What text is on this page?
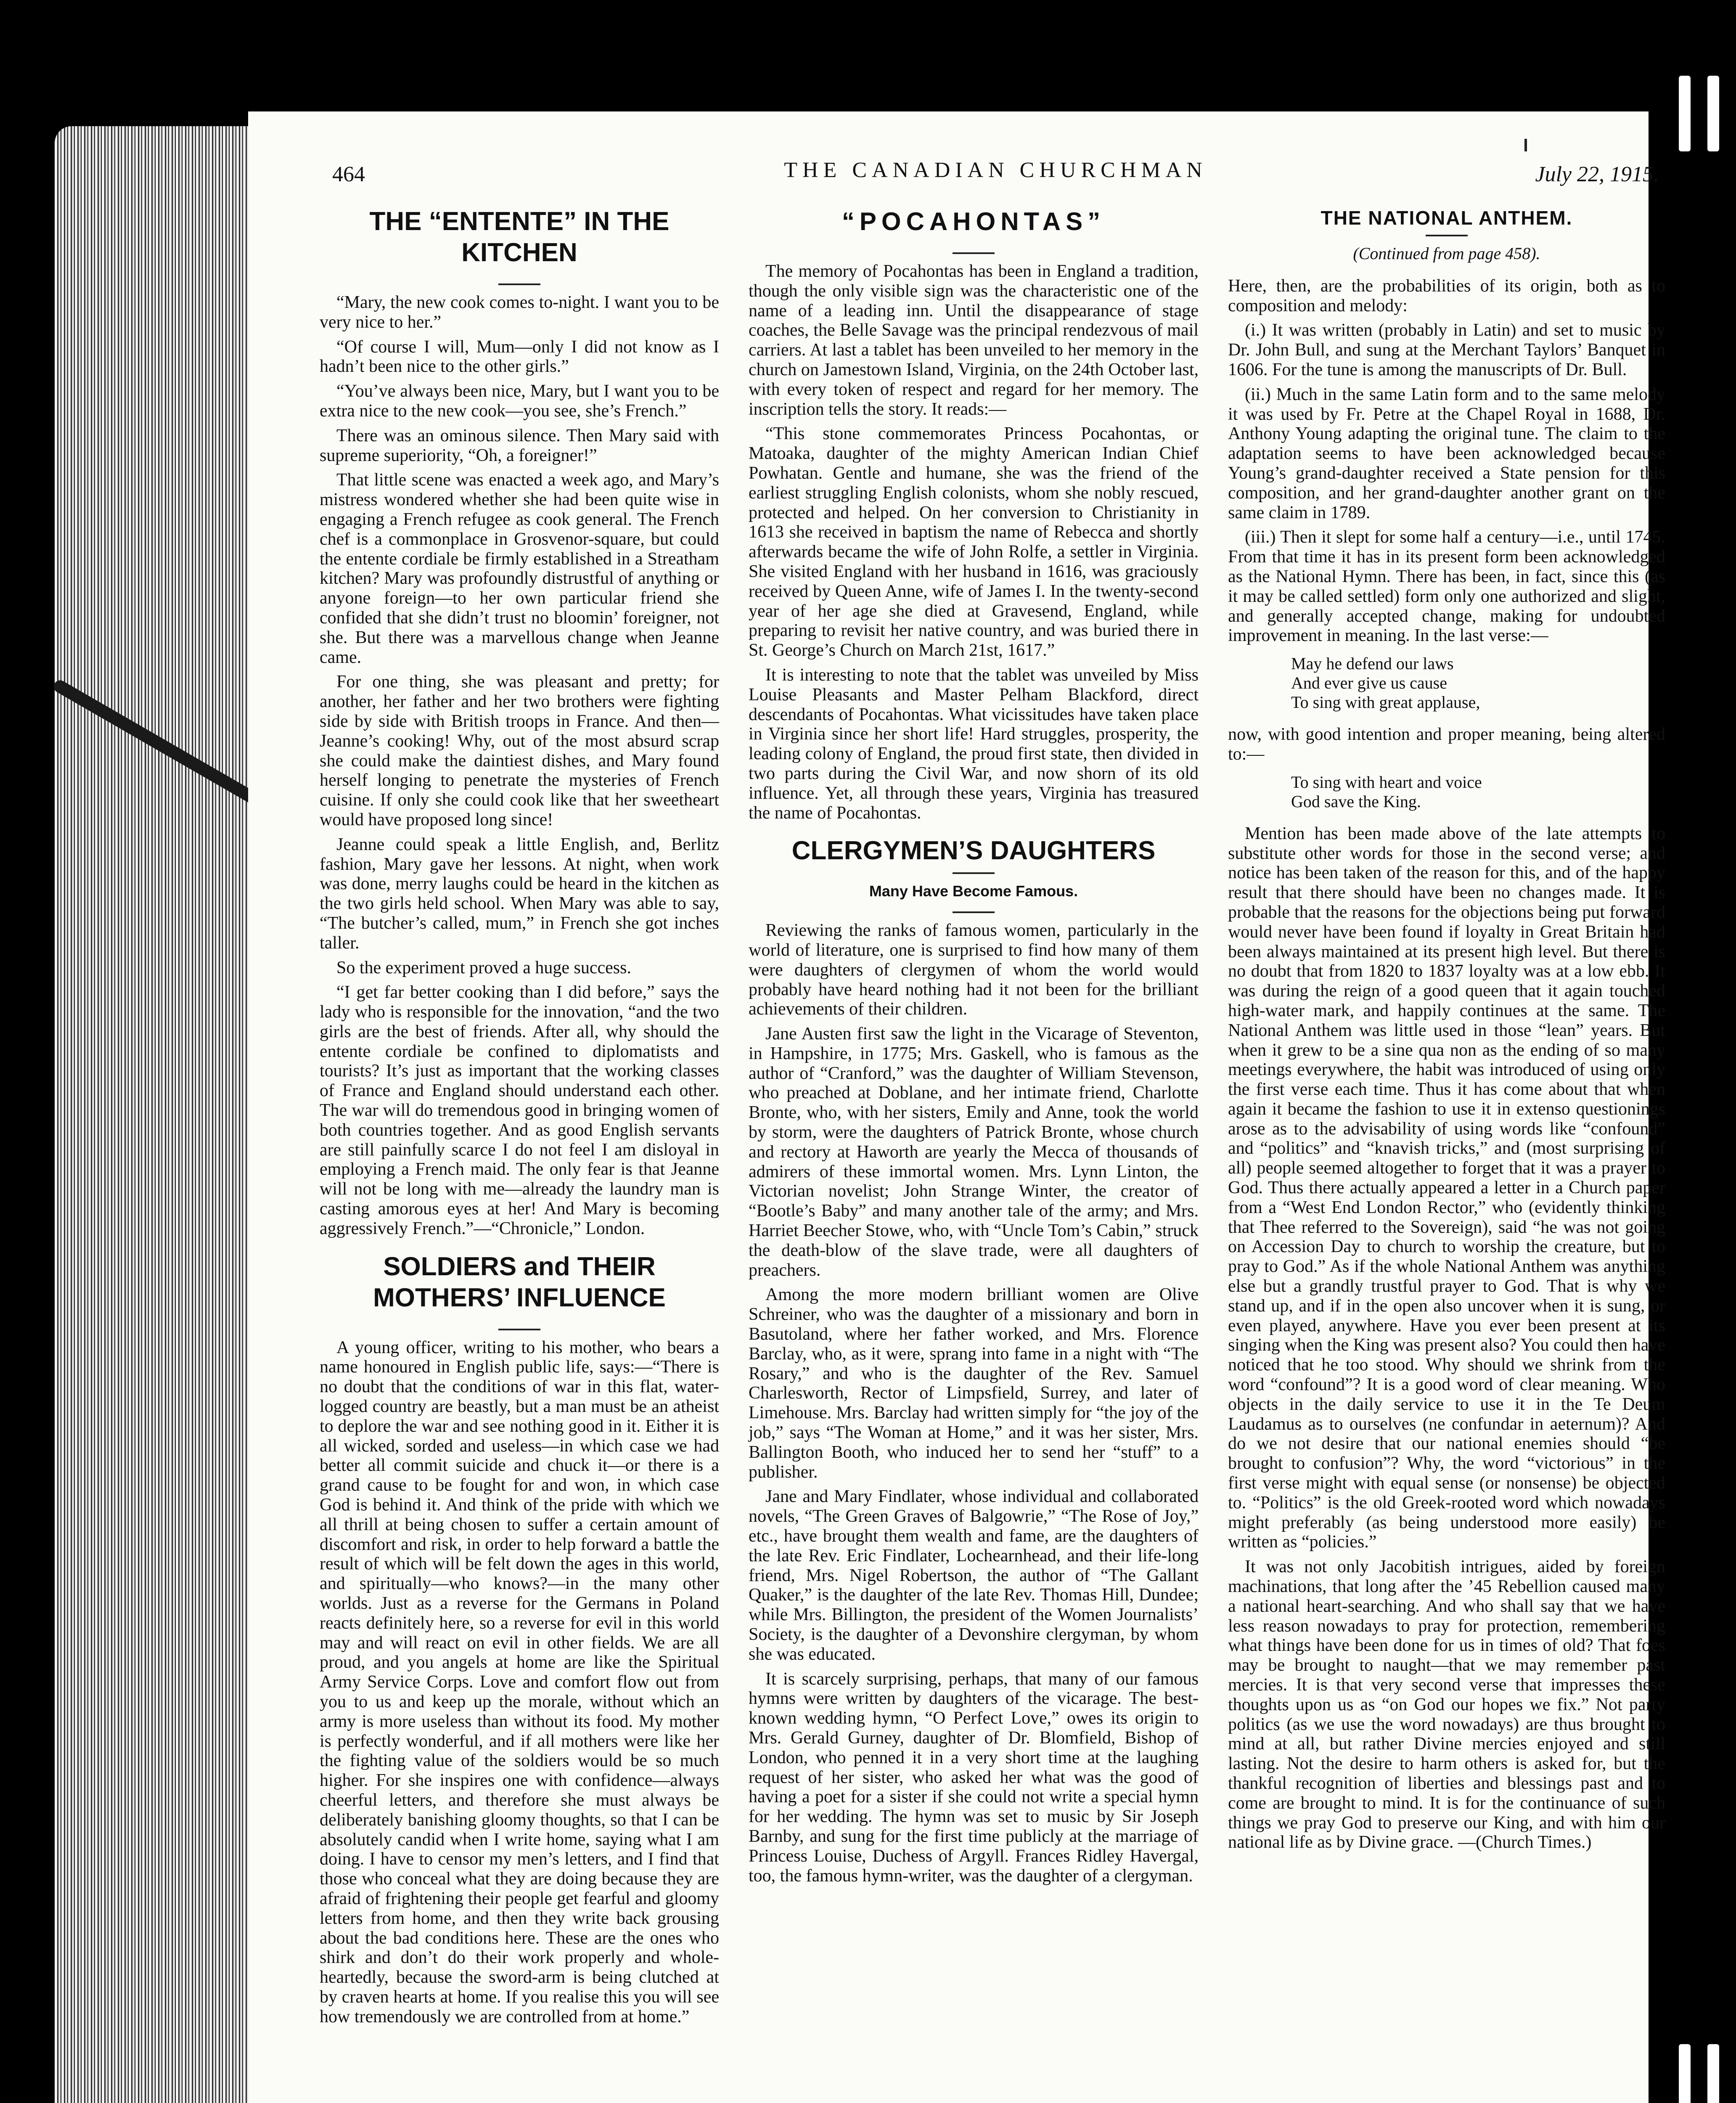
464	THE CANADIAN CHURCHMAN	July 22, 1915.
THE “ENTENTE” IN THE KITCHEN

“Mary, the new cook comes to-night. I want you to be very nice to her.”

“Of course I will, Mum—only I did not know as I hadn’t been nice to the other girls.”

“You’ve always been nice, Mary, but I want you to be extra nice to the new cook—you see, she’s French.”

There was an ominous silence. Then Mary said with supreme superiority, “Oh, a foreigner!”

That little scene was enacted a week ago, and Mary’s mistress wondered whether she had been quite wise in engaging a French refugee as cook general. The French chef is a commonplace in Grosvenor-square, but could the entente cordiale be firmly established in a Streatham kitchen? Mary was profoundly distrustful of anything or anyone foreign—to her own particular friend she confided that she didn’t trust no bloomin’ foreigner, not she. But there was a marvellous change when Jeanne came.

For one thing, she was pleasant and pretty; for another, her father and her two brothers were fighting side by side with British troops in France. And then—Jeanne’s cooking! Why, out of the most absurd scrap she could make the daintiest dishes, and Mary found herself longing to penetrate the mysteries of French cuisine. If only she could cook like that her sweetheart would have proposed long since!

Jeanne could speak a little English, and, Berlitz fashion, Mary gave her lessons. At night, when work was done, merry laughs could be heard in the kitchen as the two girls held school. When Mary was able to say, “The butcher’s called, mum,” in French she got inches taller.

So the experiment proved a huge success.

“I get far better cooking than I did before,” says the lady who is responsible for the innovation, “and the two girls are the best of friends. After all, why should the entente cordiale be confined to diplomatists and tourists? It’s just as important that the working classes of France and England should understand each other. The war will do tremendous good in bringing women of both countries together. And as good English servants are still painfully scarce I do not feel I am disloyal in employing a French maid. The only fear is that Jeanne will not be long with me—already the laundry man is casting amorous eyes at her! And Mary is becoming aggressively French.”—“Chronicle,” London.

SOLDIERS and THEIR MOTHERS’ INFLUENCE

A young officer, writing to his mother, who bears a name honoured in English public life, says:—“There is no doubt that the conditions of war in this flat, water-logged country are beastly, but a man must be an atheist to deplore the war and see nothing good in it. Either it is all wicked, sorded and useless—in which case we had better all commit suicide and chuck it—or there is a grand cause to be fought for and won, in which case God is behind it. And think of the pride with which we all thrill at being chosen to suffer a certain amount of discomfort and risk, in order to help forward a battle the result of which will be felt down the ages in this world, and spiritually—who knows?—in the many other worlds. Just as a reverse for the Germans in Poland reacts definitely here, so a reverse for evil in this world may and will react on evil in other fields. We are all proud, and you angels at home are like the Spiritual Army Service Corps. Love and comfort flow out from you to us and keep up the morale, without which an army is more useless than without its food. My mother is perfectly wonderful, and if all mothers were like her the fighting value of the soldiers would be so much higher. For she inspires one with confidence—always cheerful letters, and therefore she must always be deliberately banishing gloomy thoughts, so that I can be absolutely candid when I write home, saying what I am doing. I have to censor my men’s letters, and I find that those who conceal what they are doing because they are afraid of frightening their people get fearful and gloomy letters from home, and then they write back grousing about the bad conditions here. These are the ones who shirk and don’t do their work properly and whole-heartedly, because the sword-arm is being clutched at by craven hearts at home. If you realise this you will see how tremendously we are controlled from at home.”

“POCAHONTAS”

The memory of Pocahontas has been in England a tradition, though the only visible sign was the characteristic one of the name of a leading inn. Until the disappearance of stage coaches, the Belle Savage was the principal rendezvous of mail carriers. At last a tablet has been unveiled to her memory in the church on Jamestown Island, Virginia, on the 24th October last, with every token of respect and regard for her memory. The inscription tells the story. It reads:—

“This stone commemorates Princess Pocahontas, or Matoaka, daughter of the mighty American Indian Chief Powhatan. Gentle and humane, she was the friend of the earliest struggling English colonists, whom she nobly rescued, protected and helped. On her conversion to Christianity in 1613 she received in baptism the name of Rebecca and shortly afterwards became the wife of John Rolfe, a settler in Virginia. She visited England with her husband in 1616, was graciously received by Queen Anne, wife of James I. In the twenty-second year of her age she died at Gravesend, England, while preparing to revisit her native country, and was buried there in St. George’s Church on March 21st, 1617.”

It is interesting to note that the tablet was unveiled by Miss Louise Pleasants and Master Pelham Blackford, direct descendants of Pocahontas. What vicissitudes have taken place in Virginia since her short life! Hard struggles, prosperity, the leading colony of England, the proud first state, then divided in two parts during the Civil War, and now shorn of its old influence. Yet, all through these years, Virginia has treasured the name of Pocahontas.

CLERGYMEN’S DAUGHTERS
Many Have Become Famous.

Reviewing the ranks of famous women, particularly in the world of literature, one is surprised to find how many of them were daughters of clergymen of whom the world would probably have heard nothing had it not been for the brilliant achievements of their children.

Jane Austen first saw the light in the Vicarage of Steventon, in Hampshire, in 1775; Mrs. Gaskell, who is famous as the author of “Cranford,” was the daughter of William Stevenson, who preached at Doblane, and her intimate friend, Charlotte Bronte, who, with her sisters, Emily and Anne, took the world by storm, were the daughters of Patrick Bronte, whose church and rectory at Haworth are yearly the Mecca of thousands of admirers of these immortal women. Mrs. Lynn Linton, the Victorian novelist; John Strange Winter, the creator of “Bootle’s Baby” and many another tale of the army; and Mrs. Harriet Beecher Stowe, who, with “Uncle Tom’s Cabin,” struck the death-blow of the slave trade, were all daughters of preachers.

Among the more modern brilliant women are Olive Schreiner, who was the daughter of a missionary and born in Basutoland, where her father worked, and Mrs. Florence Barclay, who, as it were, sprang into fame in a night with “The Rosary,” and who is the daughter of the Rev. Samuel Charlesworth, Rector of Limpsfield, Surrey, and later of Limehouse. Mrs. Barclay had written simply for “the joy of the job,” says “The Woman at Home,” and it was her sister, Mrs. Ballington Booth, who induced her to send her “stuff” to a publisher.

Jane and Mary Findlater, whose individual and collaborated novels, “The Green Graves of Balgowrie,” “The Rose of Joy,” etc., have brought them wealth and fame, are the daughters of the late Rev. Eric Findlater, Lochearnhead, and their life-long friend, Mrs. Nigel Robertson, the author of “The Gallant Quaker,” is the daughter of the late Rev. Thomas Hill, Dundee; while Mrs. Billington, the president of the Women Journalists’ Society, is the daughter of a Devonshire clergyman, by whom she was educated.

It is scarcely surprising, perhaps, that many of our famous hymns were written by daughters of the vicarage. The best-known wedding hymn, “O Perfect Love,” owes its origin to Mrs. Gerald Gurney, daughter of Dr. Blomfield, Bishop of London, who penned it in a very short time at the laughing request of her sister, who asked her what was the good of having a poet for a sister if she could not write a special hymn for her wedding. The hymn was set to music by Sir Joseph Barnby, and sung for the first time publicly at the marriage of Princess Louise, Duchess of Argyll. Frances Ridley Havergal, too, the famous hymn-writer, was the daughter of a clergyman.

THE NATIONAL ANTHEM.
(Continued from page 458).

Here, then, are the probabilities of its origin, both as to composition and melody:

(i.) It was written (probably in Latin) and set to music by Dr. John Bull, and sung at the Merchant Taylors’ Banquet in 1606. For the tune is among the manuscripts of Dr. Bull.

(ii.) Much in the same Latin form and to the same melody it was used by Fr. Petre at the Chapel Royal in 1688, Dr. Anthony Young adapting the original tune. The claim to the adaptation seems to have been acknowledged because Young’s grand-daughter received a State pension for this composition, and her grand-daughter another grant on the same claim in 1789.

(iii.) Then it slept for some half a century—i.e., until 1745. From that time it has in its present form been acknowledged as the National Hymn. There has been, in fact, since this (as it may be called settled) form only one authorized and slight, and generally accepted change, making for undoubted improvement in meaning. In the last verse:—

May he defend our laws
And ever give us cause
To sing with great applause,

now, with good intention and proper meaning, being altered to:—

To sing with heart and voice
God save the King.

Mention has been made above of the late attempts to substitute other words for those in the second verse; and notice has been taken of the reason for this, and of the happy result that there should have been no changes made. It is probable that the reasons for the objections being put forward would never have been found if loyalty in Great Britain had been always maintained at its present high level. But there is no doubt that from 1820 to 1837 loyalty was at a low ebb. It was during the reign of a good queen that it again touched high-water mark, and happily continues at the same. The National Anthem was little used in those “lean” years. But when it grew to be a sine qua non as the ending of so many meetings everywhere, the habit was introduced of using only the first verse each time. Thus it has come about that when again it became the fashion to use it in extenso questionings arose as to the advisability of using words like “confound” and “politics” and “knavish tricks,” and (most surprising of all) people seemed altogether to forget that it was a prayer to God. Thus there actually appeared a letter in a Church paper from a “West End London Rector,” who (evidently thinking that Thee referred to the Sovereign), said “he was not going on Accession Day to church to worship the creature, but to pray to God.” As if the whole National Anthem was anything else but a grandly trustful prayer to God. That is why we stand up, and if in the open also uncover when it is sung, or even played, anywhere. Have you ever been present at its singing when the King was present also? You could then have noticed that he too stood. Why should we shrink from the word “confound”? It is a good word of clear meaning. Who objects in the daily service to use it in the Te Deum Laudamus as to ourselves (ne confundar in aeternum)? And do we not desire that our national enemies should “be brought to confusion”? Why, the word “victorious” in the first verse might with equal sense (or nonsense) be objected to. “Politics” is the old Greek-rooted word which nowadays might preferably (as being understood more easily) be written as “policies.”

It was not only Jacobitish intrigues, aided by foreign machinations, that long after the ’45 Rebellion caused many a national heart-searching. And who shall say that we have less reason nowadays to pray for protection, remembering what things have been done for us in times of old? That foes may be brought to naught—that we may remember past mercies. It is that very second verse that impresses these thoughts upon us as “on God our hopes we fix.” Not party politics (as we use the word nowadays) are thus brought to mind at all, but rather Divine mercies enjoyed and still lasting. Not the desire to harm others is asked for, but the thankful recognition of liberties and blessings past and to come are brought to mind. It is for the continuance of such things we pray God to preserve our King, and with him our national life as by Divine grace. —(Church Times.)
